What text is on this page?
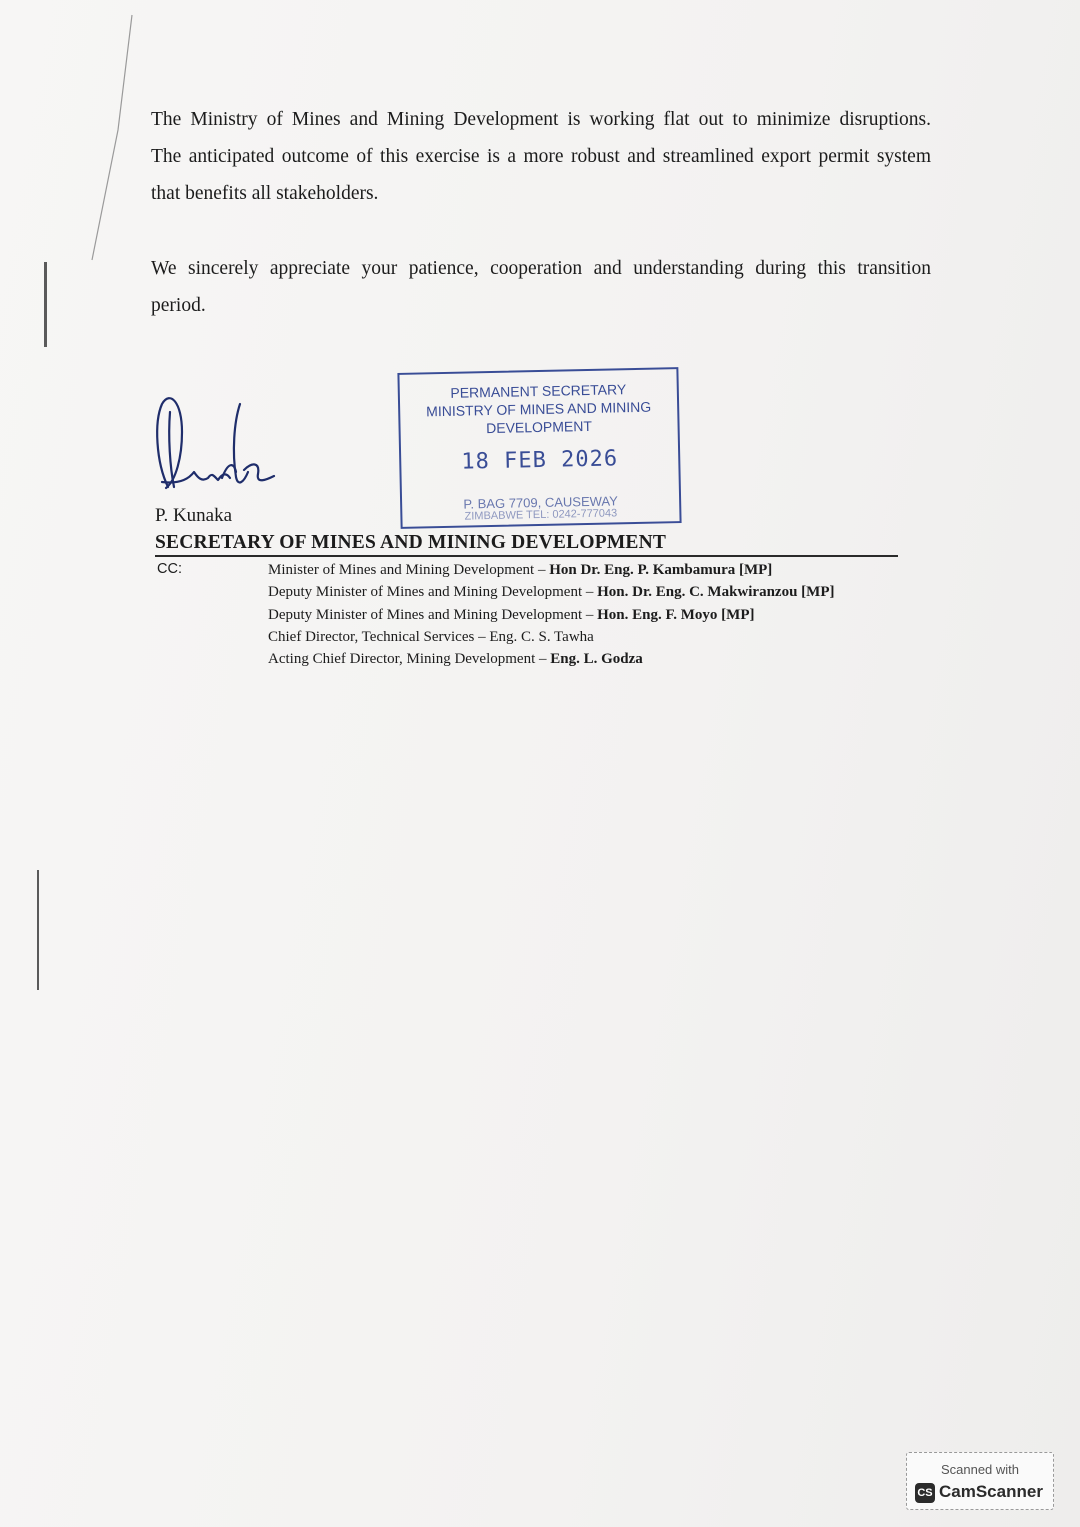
The Ministry of Mines and Mining Development is working flat out to minimize disruptions.
The anticipated outcome of this exercise is a more robust and streamlined export permit system
that benefits all stakeholders.

We sincerely appreciate your patience, cooperation and understanding during this transition
period.

P. Kunaka
SECRETARY OF MINES AND MINING DEVELOPMENT
PERMANENT SECRETARY
MINISTRY OF MINES AND MINING
DEVELOPMENT
18 FEB 2026
P. BAG 7709, CAUSEWAY
ZIMBABWE TEL: 0242-777043
CC:	Minister of Mines and Mining Development – Hon Dr. Eng. P. Kambamura [MP]
Deputy Minister of Mines and Mining Development – Hon. Dr. Eng. C. Makwiranzou [MP]
Deputy Minister of Mines and Mining Development – Hon. Eng. F. Moyo [MP]
Chief Director, Technical Services – Eng. C. S. Tawha
Acting Chief Director, Mining Development – Eng. L. Godza
Scanned with
CS CamScanner
